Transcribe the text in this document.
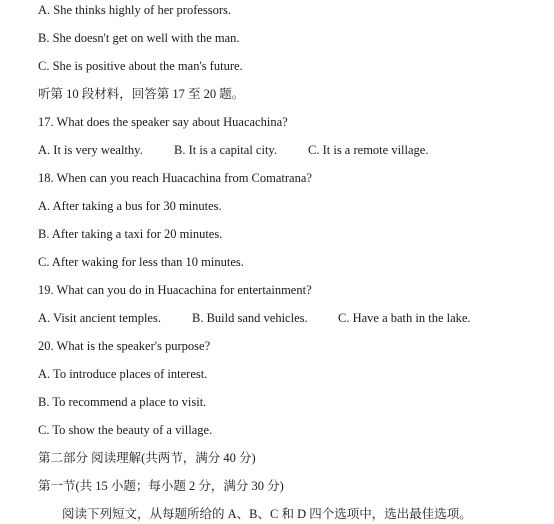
A. She thinks highly of her professors.
B. She doesn't get on well with the man.
C. She is positive about the man's future.
听第 10 段材料，回答第 17 至 20 题。
17. What does the speaker say about Huacachina?
A. It is very wealthy.	B. It is a capital city. C. It is a remote village.
18. When can you reach Huacachina from Comatrana?
A. After taking a bus for 30 minutes.
B. After taking a taxi for 20 minutes.
C. After waking for less than 10 minutes.
19. What can you do in Huacachina for entertainment?
A. Visit ancient temples. B. Build sand vehicles. C. Have a bath in the lake.
20. What is the speaker's purpose?
A. To introduce places of interest.
B. To recommend a place to visit.
C. To show the beauty of a village.
第二部分 阅读理解(共两节，满分 40 分)
第一节(共 15 小题；每小题 2 分，满分 30 分)
阅读下列短文，从每题所给的 A、B、C 和 D 四个选项中，选出最佳选项。
